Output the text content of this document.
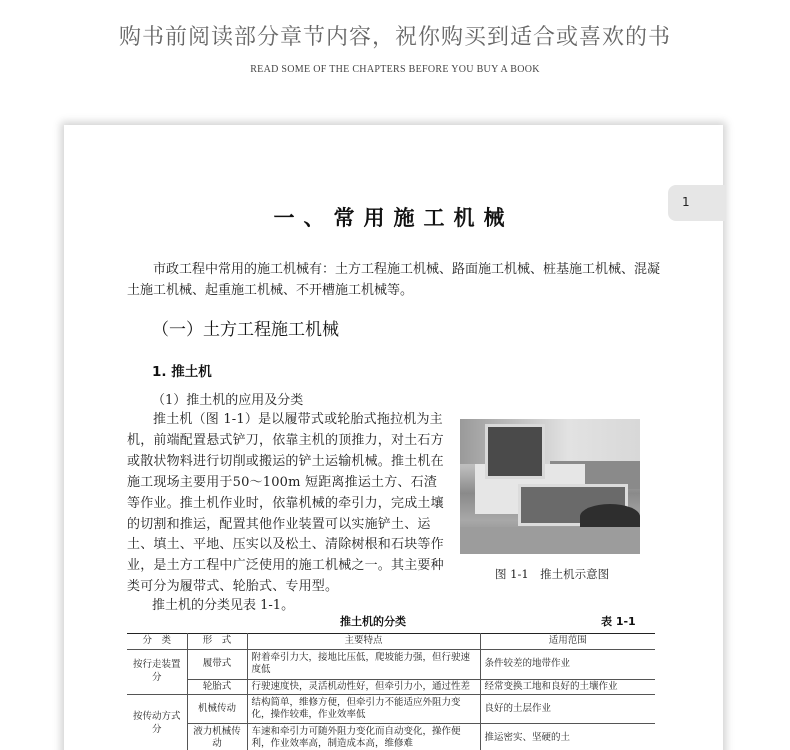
购书前阅读部分章节内容，祝你购买到适合或喜欢的书
READ SOME OF THE CHAPTERS BEFORE YOU BUY A BOOK
1
一、常用施工机械
市政工程中常用的施工机械有：土方工程施工机械、路面施工机械、桩基施工机械、混凝土施工机械、起重施工机械、不开槽施工机械等。
（一）土方工程施工机械
1. 推土机
（1）推土机的应用及分类
推土机（图 1-1）是以履带式或轮胎式拖拉机为主机，前端配置悬式铲刀，依靠主机的顶推力，对土石方或散状物料进行切削或搬运的铲土运输机械。推土机在施工现场主要用于50～100m 短距离推运土方、石渣等作业。推土机作业时，依靠机械的牵引力，完成土壤的切割和推运，配置其他作业装置可以实施铲土、运土、填土、平地、压实以及松土、清除树根和石块等作业，是土方工程中广泛使用的施工机械之一。其主要种类可分为履带式、轮胎式、专用型。
推土机的分类见表 1-1。
图 1-1　推土机示意图
推土机的分类	表 1-1
分　类	形　式	主要特点	适用范围
按行走装置分	履带式	附着牵引力大，接地比压低，爬坡能力强，但行驶速度低	条件较差的地带作业
	轮胎式	行驶速度快，灵活机动性好，但牵引力小，通过性差	经常变换工地和良好的土壤作业
按传动方式分	机械传动	结构简单，维修方便，但牵引力不能适应外阻力变化，操作较难，作业效率低	良好的土层作业
	液力机械传动	车速和牵引力可随外阻力变化而自动变化，操作便利，作业效率高，制造成本高，维修难	推运密实、坚硬的土
